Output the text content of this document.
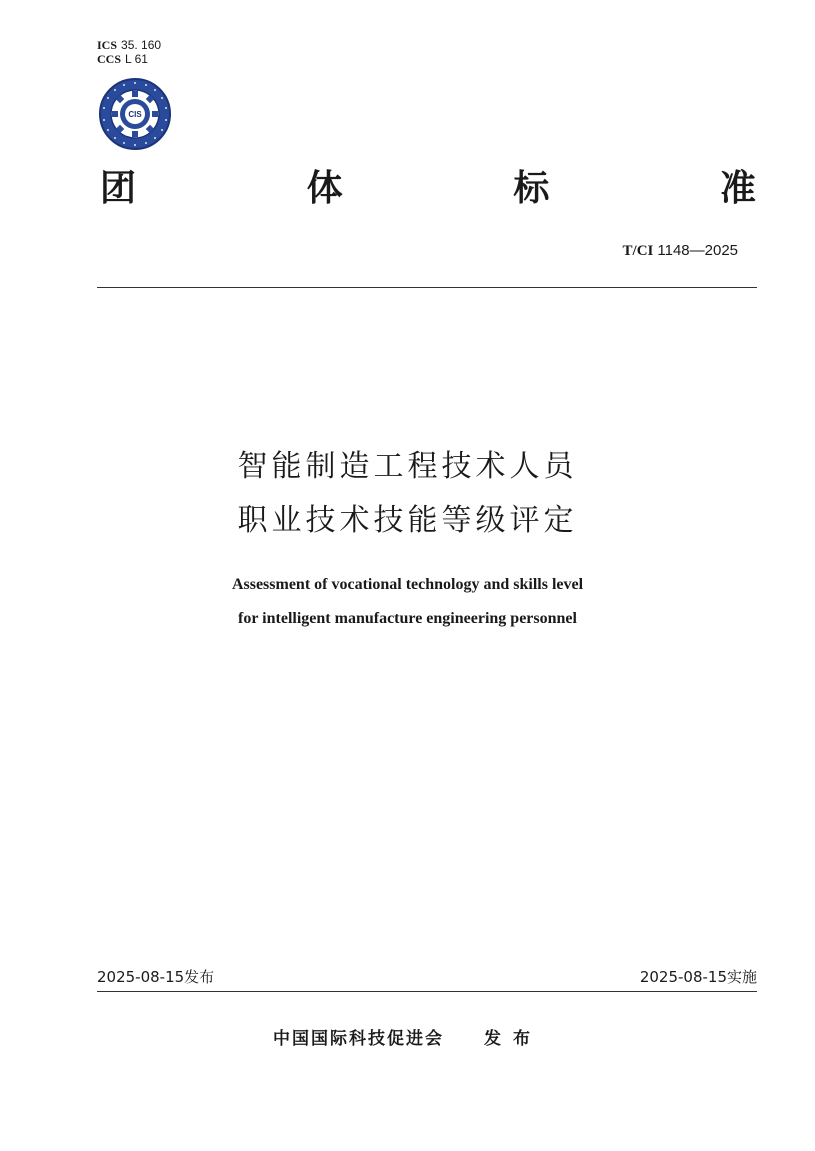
ICS 35. 160
CCS L 61
CIS
团	体	标	准
T/CI 1148—2025
智能制造工程技术人员
职业技术技能等级评定
Assessment of vocational technology and skills level
for intelligent manufacture engineering personnel
2025-08-15发布	2025-08-15实施
中国国际科技促进会 发布
